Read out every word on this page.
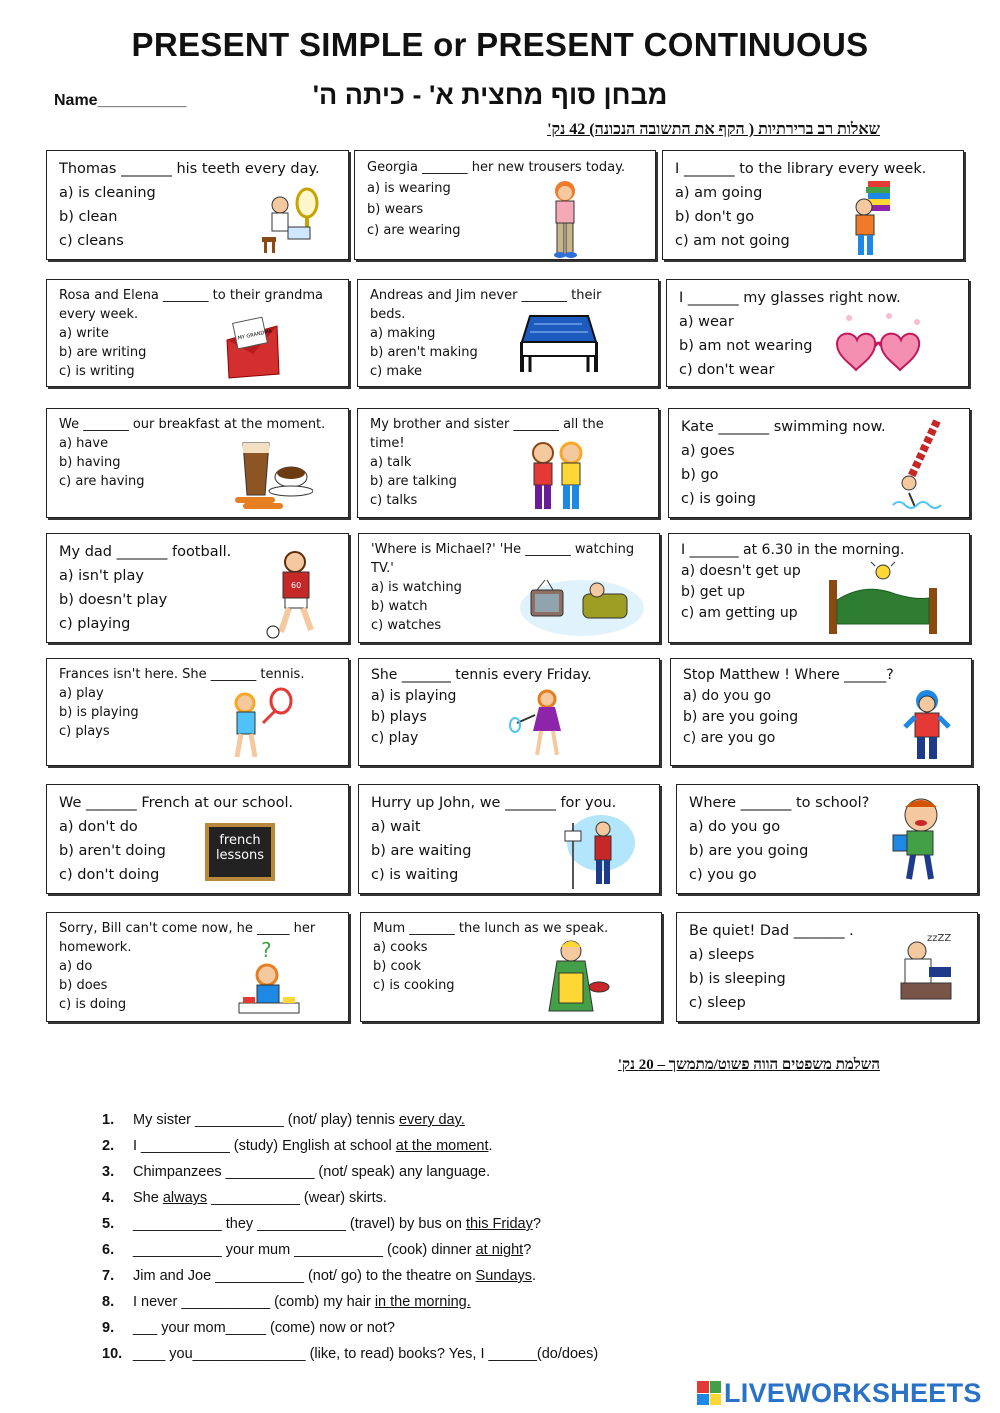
PRESENT SIMPLE or PRESENT CONTINUOUS
Name__________	מבחן סוף מחצית א' - כיתה ה'
שאלות רב ברירתיות ( הקף את התשובה הנכונה) 42 נק'
Thomas _______ his teeth every day.
a) is cleaning
b) clean
c) cleans
Georgia _______ her new trousers today.
a) is wearing
b) wears
c) are wearing
I _______ to the library every week.
a) am going
b) don't go
c) am not going
Rosa and Elena _______ to their grandma every week.
a) write
b) are writing
c) is writing
MY GRANDMA
Andreas and Jim never _______ their beds.
a) making
b) aren't making
c) make
I _______ my glasses right now.
a) wear
b) am not wearing
c) don't wear
We _______ our breakfast at the moment.
a) have
b) having
c) are having
My brother and sister _______ all the time!
a) talk
b) are talking
c) talks
Kate _______ swimming now.
a) goes
b) go
c) is going
My dad _______ football.
a) isn't play
b) doesn't play
c) playing
60
'Where is Michael?' 'He _______ watching TV.'
a) is watching
b) watch
c) watches
I _______ at 6.30 in the morning.
a) doesn't get up
b) get up
c) am getting up
Frances isn't here. She _______ tennis.
a) play
b) is playing
c) plays
She _______ tennis every Friday.
a) is playing
b) plays
c) play
Stop Matthew ! Where ______?
a) do you go
b) are you going
c) are you go
We _______ French at our school.
a) don't do
b) aren't doing
c) don't doing
french
lessons
Hurry up John, we _______ for you.
a) wait
b) are waiting
c) is waiting
Where _______ to school?
a) do you go
b) are you going
c) you go
Sorry, Bill can't come now, he _____ her homework.
a) do
b) does
c) is doing
?
Mum _______ the lunch as we speak.
a) cooks
b) cook
c) is cooking
Be quiet! Dad _______ .
a) sleeps
b) is sleeping
c) sleep
zzZZ
השלמת משפטים הווה פשוט/מתמשך – 20 נק'
1. My sister ___________ (not/ play) tennis every day.
2. I ___________ (study) English at school at the moment.
3. Chimpanzees ___________ (not/ speak) any language.
4. She always ___________ (wear) skirts.
5. ___________ they ___________ (travel) by bus on this Friday?
6. ___________ your mum ___________ (cook) dinner at night?
7. Jim and Joe ___________ (not/ go) to the theatre on Sundays.
8. I never ___________ (comb) my hair in the morning.
9. ___ your mom_____ (come) now or not?
10. ____ you______________ (like, to read) books? Yes, I ______(do/does)
LIVEWORKSHEETS
